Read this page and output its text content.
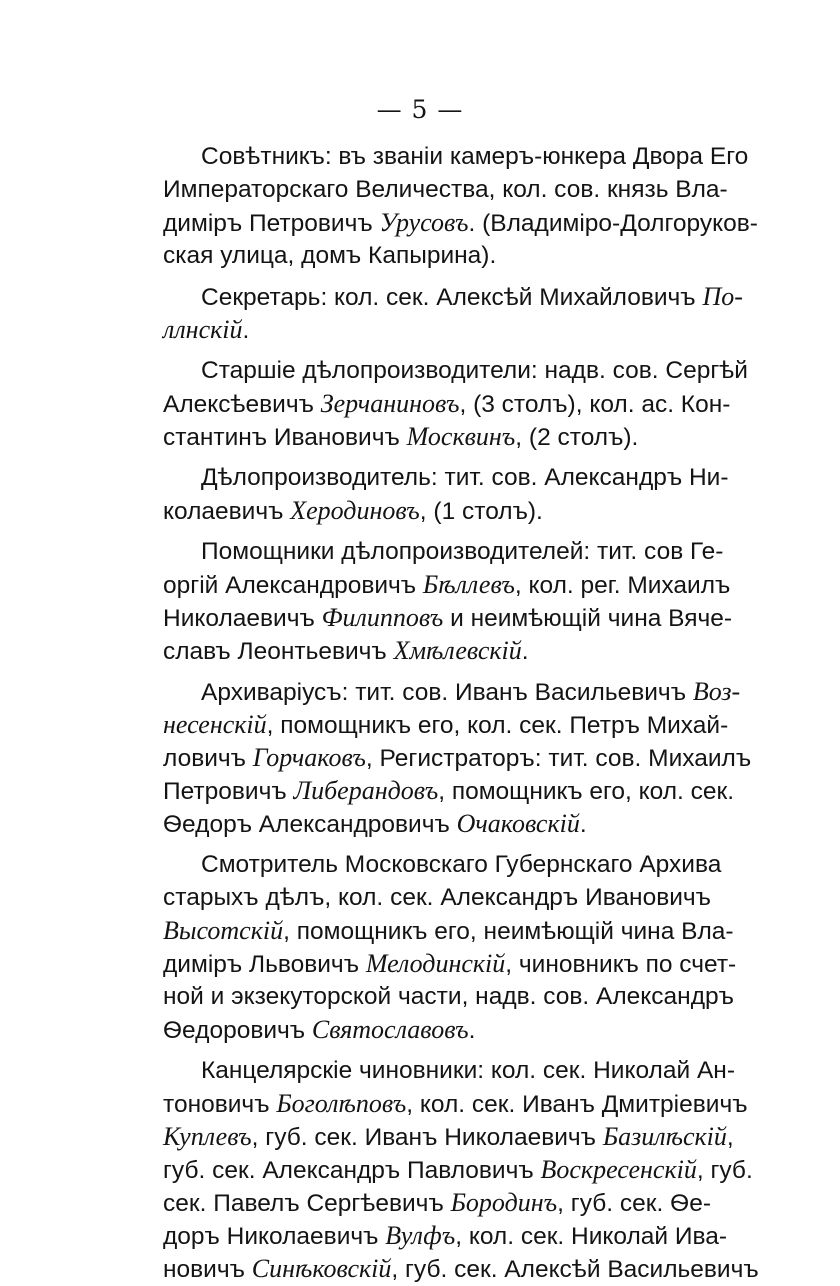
— 5 —
Совѣтникъ: въ званіи камеръ-юнкера Двора Его
Императорскаго Величества, кол. сов. князь Вла-
диміръ Петровичъ Урусовъ. (Владиміро-Долгоруков-
ская улица, домъ Капырина).
Секретарь: кол. сек. Алексѣй Михайловичъ По-
ллнскій.
Старшіе дѣлопроизводители: надв. сов. Сергѣй
Алексѣевичъ Зерчаниновъ, (3 столъ), кол. ас. Кон-
стантинъ Ивановичъ Москвинъ, (2 столъ).
Дѣлопроизводитель: тит. сов. Александръ Ни-
колаевичъ Херодиновъ, (1 столъ).
Помощники дѣлопроизводителей: тит. сов Ге-
оргій Александровичъ Бѣллевъ, кол. рег. Михаилъ
Николаевичъ Филипповъ и неимѣющій чина Вяче-
славъ Леонтьевичъ Хмѣлевскій.
Архиваріусъ: тит. сов. Иванъ Васильевичъ Воз-
несенскій, помощникъ его, кол. сек. Петръ Михай-
ловичъ Горчаковъ, Регистраторъ: тит. сов. Михаилъ
Петровичъ Либерандовъ, помощникъ его, кол. сек.
Ѳедоръ Александровичъ Очаковскій.
Смотритель Московскаго Губернскаго Архива
старыхъ дѣлъ, кол. сек. Александръ Ивановичъ
Высотскій, помощникъ его, неимѣющій чина Вла-
диміръ Львовичъ Мелодинскій, чиновникъ по счет-
ной и экзекуторской части, надв. сов. Александръ
Ѳедоровичъ Святославовъ.
Канцелярскіе чиновники: кол. сек. Николай Ан-
тоновичъ Боголѣповъ, кол. сек. Иванъ Дмитріевичъ
Куплевъ, губ. сек. Иванъ Николаевичъ Базилѣскій,
губ. сек. Александръ Павловичъ Воскресенскій, губ.
сек. Павелъ Сергѣевичъ Бородинъ, губ. сек. Ѳе-
доръ Николаевичъ Вулфъ, кол. сек. Николай Ива-
новичъ Синѣковскій, губ. сек. Алексѣй Васильевичъ
